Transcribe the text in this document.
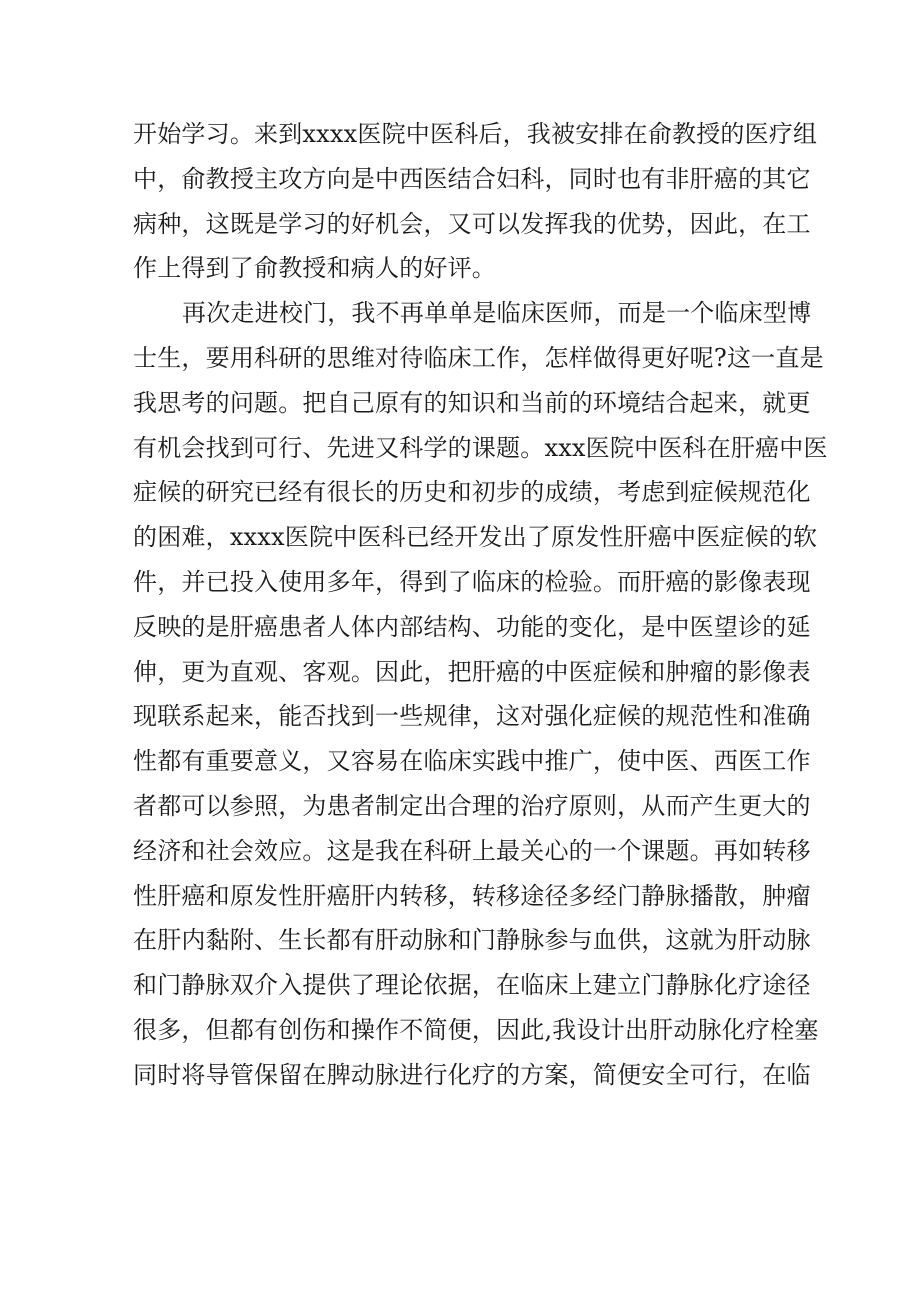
开 始 学 习 。 来 到 xxxx 医 院 中 医 科 后 ， 我 被 安 排 在 俞 教 授 的 医 疗 组
中 ， 俞 教 授 主 攻 方 向 是 中 西 医 结 合 妇 科 ， 同 时 也 有 非 肝 癌 的 其 它
病 种 ， 这 既 是 学 习 的 好 机 会 ， 又 可 以 发 挥 我 的 优 势 ， 因 此 ， 在 工
作上得到了俞教授和病人的好评。

再 次 走 进 校 门 ， 我 不 再 单 单 是 临 床 医 师 ， 而 是 一 个 临 床 型 博
士 生 ， 要 用 科 研 的 思 维 对 待 临 床 工 作 ， 怎 样 做 得 更 好 呢 ? 这 一 直 是
我 思 考 的 问 题 。 把 自 己 原 有 的 知 识 和 当 前 的 环 境 结 合 起 来 ， 就 更
有 机 会 找 到 可 行 、 先 进 又 科 学 的 课 题 。 xxx 医 院 中 医 科 在 肝 癌 中 医
症 候 的 研 究 已 经 有 很 长 的 历 史 和 初 步 的 成 绩 ， 考 虑 到 症 候 规 范 化
的 困 难 ， xxxx 医 院 中 医 科 已 经 开 发 出 了 原 发 性 肝 癌 中 医 症 候 的 软
件 ， 并 已 投 入 使 用 多 年 ， 得 到 了 临 床 的 检 验 。 而 肝 癌 的 影 像 表 现
反 映 的 是 肝 癌 患 者 人 体 内 部 结 构 、 功 能 的 变 化 ， 是 中 医 望 诊 的 延
伸 ， 更 为 直 观 、 客 观 。 因 此 ， 把 肝 癌 的 中 医 症 候 和 肿 瘤 的 影 像 表
现 联 系 起 来 ， 能 否 找 到 一 些 规 律 ， 这 对 强 化 症 候 的 规 范 性 和 准 确
性 都 有 重 要 意 义 ， 又 容 易 在 临 床 实 践 中 推 广 ， 使 中 医 、 西 医 工 作
者 都 可 以 参 照 ， 为 患 者 制 定 出 合 理 的 治 疗 原 则 ， 从 而 产 生 更 大 的
经 济 和 社 会 效 应 。 这 是 我 在 科 研 上 最 关 心 的 一 个 课 题 。 再 如 转 移
性 肝 癌 和 原 发 性 肝 癌 肝 内 转 移 ， 转 移 途 径 多 经 门 静 脉 播 散 ， 肿 瘤
在 肝 内 黏 附 、 生 长 都 有 肝 动 脉 和 门 静 脉 参 与 血 供 ， 这 就 为 肝 动 脉
和 门 静 脉 双 介 入 提 供 了 理 论 依 据 ， 在 临 床 上 建 立 门 静 脉 化 疗 途 径
很 多 ， 但 都 有 创 伤 和 操 作 不 简 便 ， 因 此 , 我 设 计 出 肝 动 脉 化 疗 栓 塞
同 时 将 导 管 保 留 在 脾 动 脉 进 行 化 疗 的 方 案 ， 简 便 安 全 可 行 ， 在 临
